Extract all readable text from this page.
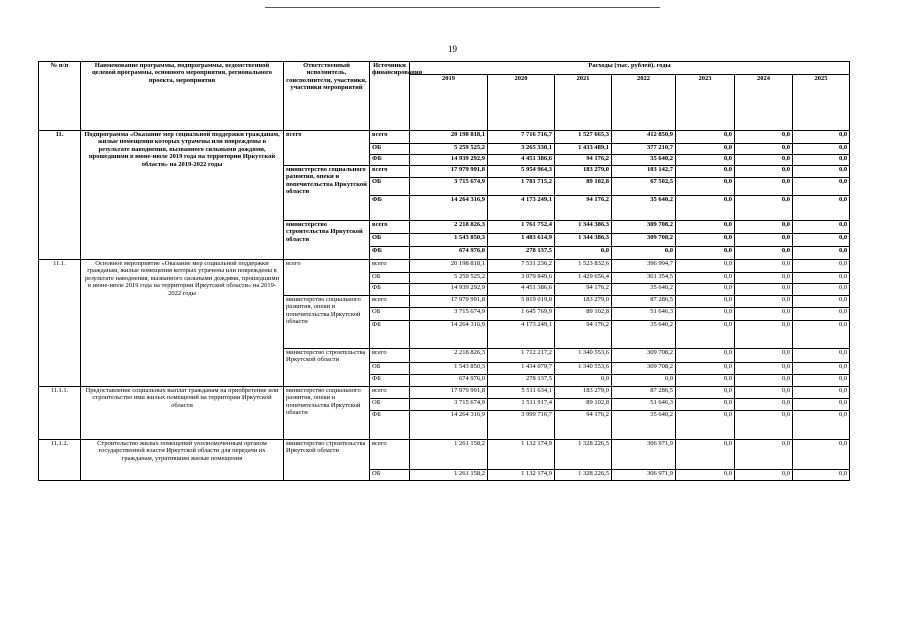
19
№ п/п	Наименование программы, подпрограммы, ведомственной целевой программы, основного мероприятия, регионального проекта, мероприятия	Ответственный исполнитель, соисполнители, участники, участники мероприятий	Источники финансирования	Расходы (тыс. рублей), годы						
				2019	2020	2021	2022	2023	2024	2025
11.	Подпрограмма «Оказание мер социальной поддержки гражданам, жилые помещения которых утрачены или повреждены в результате наводнения, вызванного сильными дождями, прошедшими в июне-июле 2019 года на территории Иркутской области» на 2019-2022 годы	всего	всего	20 198 818,1	7 716 716,7	1 527 665,3	412 850,9	0,0	0,0	0,0
			ОБ	5 259 525,2	3 265 330,1	1 433 489,1	377 210,7	0,0	0,0	0,0
			ФБ	14 939 292,9	4 451 386,6	94 176,2	35 640,2	0,0	0,0	0,0
		министерство социального развития, опеки и попечительства Иркутской области	всего	17 979 991,8	5 954 964,3	183 279,0	103 142,7	0,0	0,0	0,0
			ОБ	3 715 674,9	1 781 715,2	89 102,8	67 502,5	0,0	0,0	0,0
			ФБ	14 264 316,9	4 173 249,1	94 176,2	35 640,2	0,0	0,0	0,0
		министерство строительства Иркутской области	всего	2 218 826,3	1 761 752,4	1 344 386,3	309 708,2	0,0	0,0	0,0
			ОБ	1 543 850,3	1 483 614,9	1 344 386,3	309 708,2	0,0	0,0	0,0
			ФБ	674 976,0	278 137,5	0,0	0,0	0,0	0,0	0,0
11.1.	Основное мероприятие «Оказание мер социальной поддержки гражданам, жилые помещения которых утрачены или повреждены в результате наводнения, вызванного сильными дождями, прошедшими в июне-июле 2019 года на территории Иркутской области» на 2019-2022 годы	всего	всего	20 198 818,1	7 531 236,2	1 523 832,6	396 994,7	0,0	0,0	0,0
			ОБ	5 259 525,2	3 079 849,6	1 429 656,4	361 354,5	0,0	0,0	0,0
			ФБ	14 939 292,9	4 451 386,6	94 176,2	35 640,2	0,0	0,0	0,0
		министерство социального развития, опеки и попечительства Иркутской области	всего	17 979 991,8	5 819 019,0	183 279,0	87 286,5	0,0	0,0	0,0
			ОБ	3 715 674,9	1 645 769,9	89 102,8	51 646,3	0,0	0,0	0,0
			ФБ	14 264 316,9	4 173 249,1	94 176,2	35 640,2	0,0	0,0	0,0
		министерство строительства Иркутской области	всего	2 218 826,3	1 712 217,2	1 340 553,6	309 708,2	0,0	0,0	0,0
			ОБ	1 543 850,3	1 434 079,7	1 340 553,6	309 708,2	0,0	0,0	0,0
			ФБ	674 976,0	278 137,5	0,0	0,0	0,0	0,0	0,0
11.1.1.	Предоставление социальных выплат гражданам на приобретение или строительство ими жилых помещений на территории Иркутской области	министерство социального развития, опеки и попечительства Иркутской области	всего	17 979 991,8	5 511 634,1	183 279,0	87 286,5	0,0	0,0	0,0
			ОБ	3 715 674,9	1 511 917,4	89 102,8	51 646,3	0,0	0,0	0,0
			ФБ	14 264 316,9	3 999 716,7	94 176,2	35 640,2	0,0	0,0	0,0
11.1.2.	Строительство жилых помещений уполномоченным органом государственной власти Иркутской области для передачи их гражданам, утратившим жилые помещения	министерство строительства Иркутской области	всего	1 261 158,2	1 132 174,9	1 328 226,5	306 971,9	0,0	0,0	0,0
			ОБ	1 261 158,2	1 132 174,9	1 328 226,5	306 971,9	0,0	0,0	0,0
